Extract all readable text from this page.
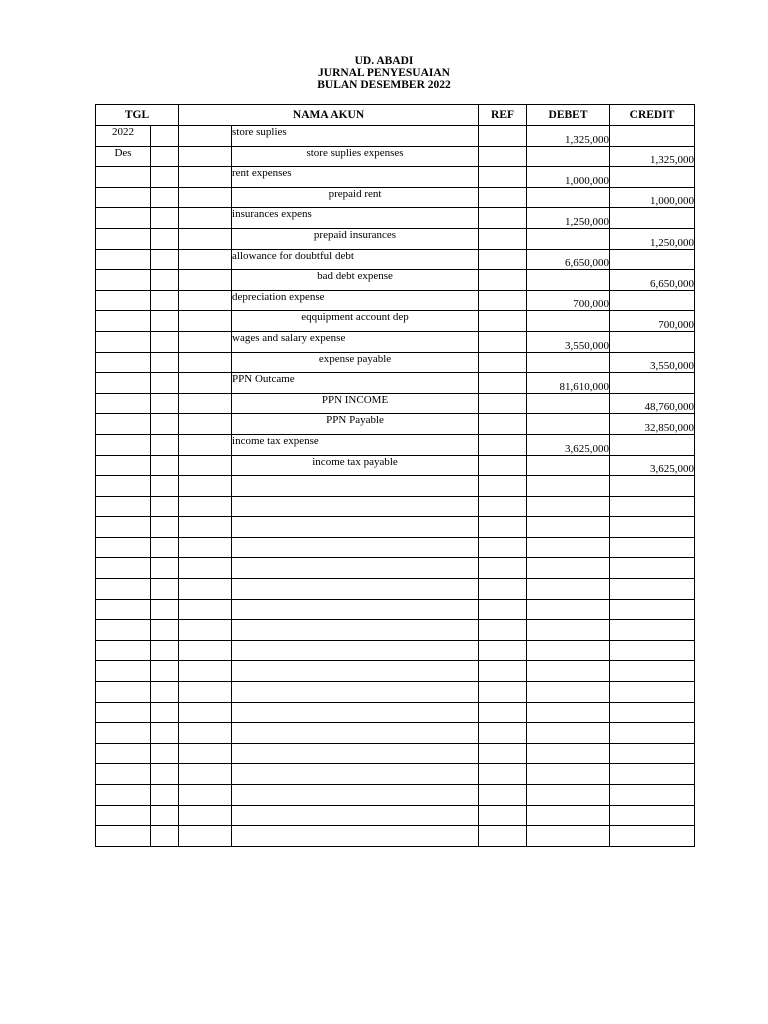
UD. ABADI
JURNAL PENYESUAIAN
BULAN DESEMBER 2022
TGL		NAMA AKUN		REF	DEBET	CREDIT
2022			store suplies		1,325,000	
Des			store suplies expenses			1,325,000

			rent expenses		1,000,000	

			prepaid rent			1,000,000

			insurances expens		1,250,000	

			prepaid insurances			1,250,000

			allowance for doubtful debt		6,650,000	

			bad debt expense			6,650,000

			depreciation expense		700,000	

			eqquipment account dep			700,000

			wages and salary expense		3,550,000	

			expense payable			3,550,000

			PPN Outcame		81,610,000	

			PPN INCOME			48,760,000

			PPN Payable			32,850,000

			income tax expense		3,625,000	

			income tax payable			3,625,000
